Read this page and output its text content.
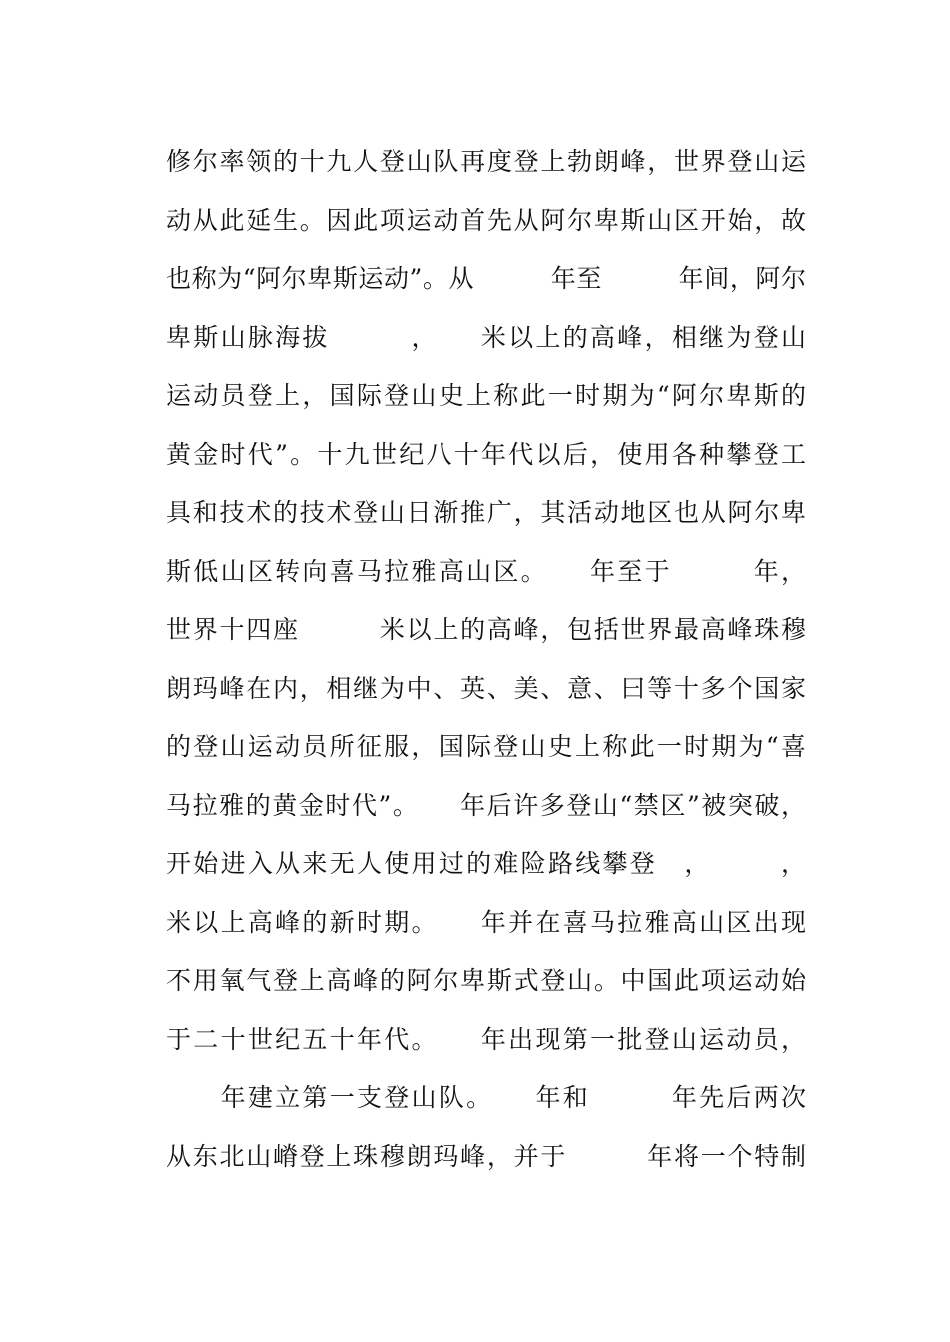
修尔率领的十九人登山队再度登上勃朗峰，世界登山运
动从此延生。因此项运动首先从阿尔卑斯山区开始，故
也称为“阿尔卑斯运动”。从　　　年至　　　年间，阿尔
卑斯山脉海拔　　　，　　米以上的高峰，相继为登山
运动员登上，国际登山史上称此一时期为“阿尔卑斯的
黄金时代”。十九世纪八十年代以后，使用各种攀登工
具和技术的技术登山日渐推广，其活动地区也从阿尔卑
斯低山区转向喜马拉雅高山区。　　年至于　　　年，
世界十四座　　　米以上的高峰，包括世界最高峰珠穆
朗玛峰在内，相继为中、英、美、意、曰等十多个国家
的登山运动员所征服，国际登山史上称此一时期为“喜
马拉雅的黄金时代”。　　年后许多登山“禁区”被突破，
开始进入从来无人使用过的难险路线攀登　，　　　，
米以上高峰的新时期。　　年并在喜马拉雅高山区出现
不用氧气登上高峰的阿尔卑斯式登山。中国此项运动始
于二十世纪五十年代。　　年出现第一批登山运动员，
　　年建立第一支登山队。　　年和　　　年先后两次
从东北山嵴登上珠穆朗玛峰，并于　　　年将一个特制
